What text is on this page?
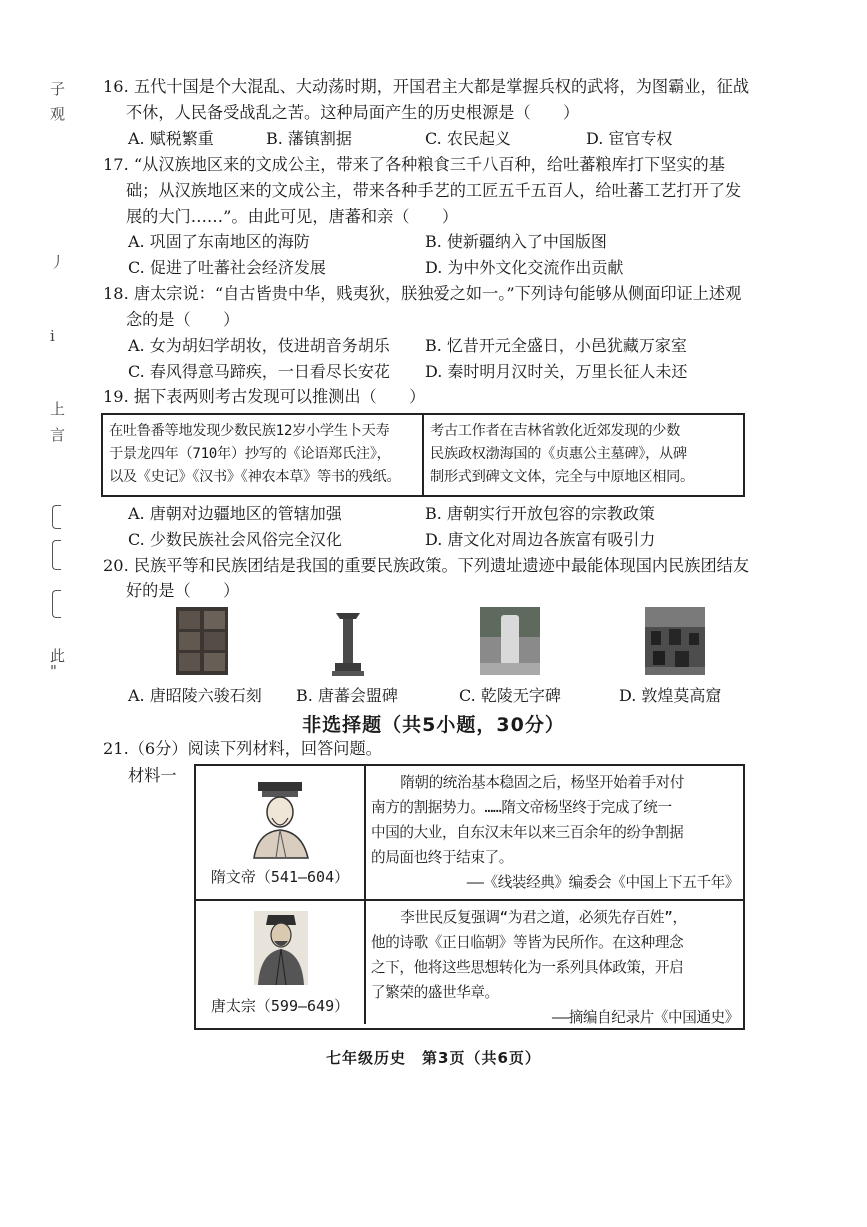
子
观
丿
i
上
言
此
"
16. 五代十国是个大混乱、大动荡时期，开国君主大都是掌握兵权的武将，为图霸业，征战
不休，人民备受战乱之苦。这种局面产生的历史根源是（　　）
A. 赋税繁重	B. 藩镇割据	C. 农民起义	D. 宦官专权
17. “从汉族地区来的文成公主，带来了各种粮食三千八百种，给吐蕃粮库打下坚实的基
础；从汉族地区来的文成公主，带来各种手艺的工匠五千五百人，给吐蕃工艺打开了发
展的大门……”。由此可见，唐蕃和亲（　　）
A. 巩固了东南地区的海防	B. 使新疆纳入了中国版图
C. 促进了吐蕃社会经济发展	D. 为中外文化交流作出贡献
18. 唐太宗说：“自古皆贵中华，贱夷狄，朕独爱之如一。”下列诗句能够从侧面印证上述观
念的是（　　）
A. 女为胡妇学胡妆，伎进胡音务胡乐 B. 忆昔开元全盛日，小邑犹藏万家室
C. 春风得意马蹄疾，一日看尽长安花 D. 秦时明月汉时关，万里长征人未还
19. 据下表两则考古发现可以推测出（　　）
在吐鲁番等地发现少数民族12岁小学生卜天寿
于景龙四年（710年）抄写的《论语郑氏注》，
以及《史记》《汉书》《神农本草》等书的残纸。
考古工作者在吉林省敦化近郊发现的少数
民族政权渤海国的《贞惠公主墓碑》，从碑
制形式到碑文文体，完全与中原地区相同。
A. 唐朝对边疆地区的管辖加强	B. 唐朝实行开放包容的宗教政策
C. 少数民族社会风俗完全汉化	D. 唐文化对周边各族富有吸引力
20. 民族平等和民族团结是我国的重要民族政策。下列遗址遗迹中最能体现国内民族团结友
好的是（　　）
A. 唐昭陵六骏石刻 B. 唐蕃会盟碑	C. 乾陵无字碑	D. 敦煌莫高窟
非选择题（共5小题，30分）
21.（6分）阅读下列材料，回答问题。
材料一
隋文帝（541—604）
隋朝的统治基本稳固之后，杨坚开始着手对付
南方的割据势力。……隋文帝杨坚终于完成了统一
中国的大业，自东汉末年以来三百余年的纷争割据
的局面也终于结束了。
——《线装经典》编委会《中国上下五千年》
唐太宗（599—649）
李世民反复强调“为君之道，必须先存百姓”，
他的诗歌《正日临朝》等皆为民所作。在这种理念
之下，他将这些思想转化为一系列具体政策，开启
了繁荣的盛世华章。
——摘编自纪录片《中国通史》
七年级历史　第3页（共6页）
